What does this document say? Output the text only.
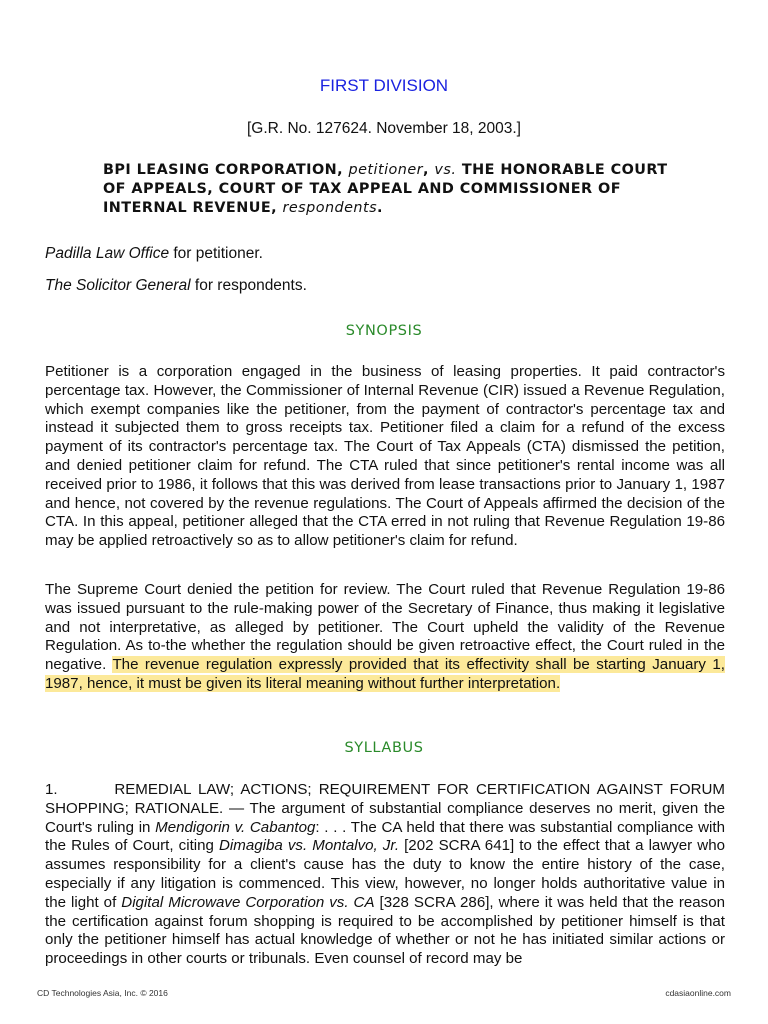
FIRST DIVISION
[G.R. No. 127624. November 18, 2003.]
BPI LEASING CORPORATION, petitioner, vs. THE HONORABLE COURT OF APPEALS, COURT OF TAX APPEAL AND COMMISSIONER OF INTERNAL REVENUE, respondents.
Padilla Law Office for petitioner.
The Solicitor General for respondents.
SYNOPSIS
Petitioner is a corporation engaged in the business of leasing properties. It paid contractor's percentage tax. However, the Commissioner of Internal Revenue (CIR) issued a Revenue Regulation, which exempt companies like the petitioner, from the payment of contractor's percentage tax and instead it subjected them to gross receipts tax. Petitioner filed a claim for a refund of the excess payment of its contractor's percentage tax. The Court of Tax Appeals (CTA) dismissed the petition, and denied petitioner claim for refund. The CTA ruled that since petitioner's rental income was all received prior to 1986, it follows that this was derived from lease transactions prior to January 1, 1987 and hence, not covered by the revenue regulations. The Court of Appeals affirmed the decision of the CTA. In this appeal, petitioner alleged that the CTA erred in not ruling that Revenue Regulation 19-86 may be applied retroactively so as to allow petitioner's claim for refund.
The Supreme Court denied the petition for review. The Court ruled that Revenue Regulation 19-86 was issued pursuant to the rule-making power of the Secretary of Finance, thus making it legislative and not interpretative, as alleged by petitioner. The Court upheld the validity of the Revenue Regulation. As to-the whether the regulation should be given retroactive effect, the Court ruled in the negative. The revenue regulation expressly provided that its effectivity shall be starting January 1, 1987, hence, it must be given its literal meaning without further interpretation.
SYLLABUS
1.	REMEDIAL LAW; ACTIONS; REQUIREMENT FOR CERTIFICATION AGAINST FORUM SHOPPING; RATIONALE. — The argument of substantial compliance deserves no merit, given the Court's ruling in Mendigorin v. Cabantog: . . . The CA held that there was substantial compliance with the Rules of Court, citing Dimagiba vs. Montalvo, Jr. [202 SCRA 641] to the effect that a lawyer who assumes responsibility for a client's cause has the duty to know the entire history of the case, especially if any litigation is commenced. This view, however, no longer holds authoritative value in the light of Digital Microwave Corporation vs. CA [328 SCRA 286], where it was held that the reason the certification against forum shopping is required to be accomplished by petitioner himself is that only the petitioner himself has actual knowledge of whether or not he has initiated similar actions or proceedings in other courts or tribunals. Even counsel of record may be
CD Technologies Asia, Inc. © 2016	cdasiaonline.com
